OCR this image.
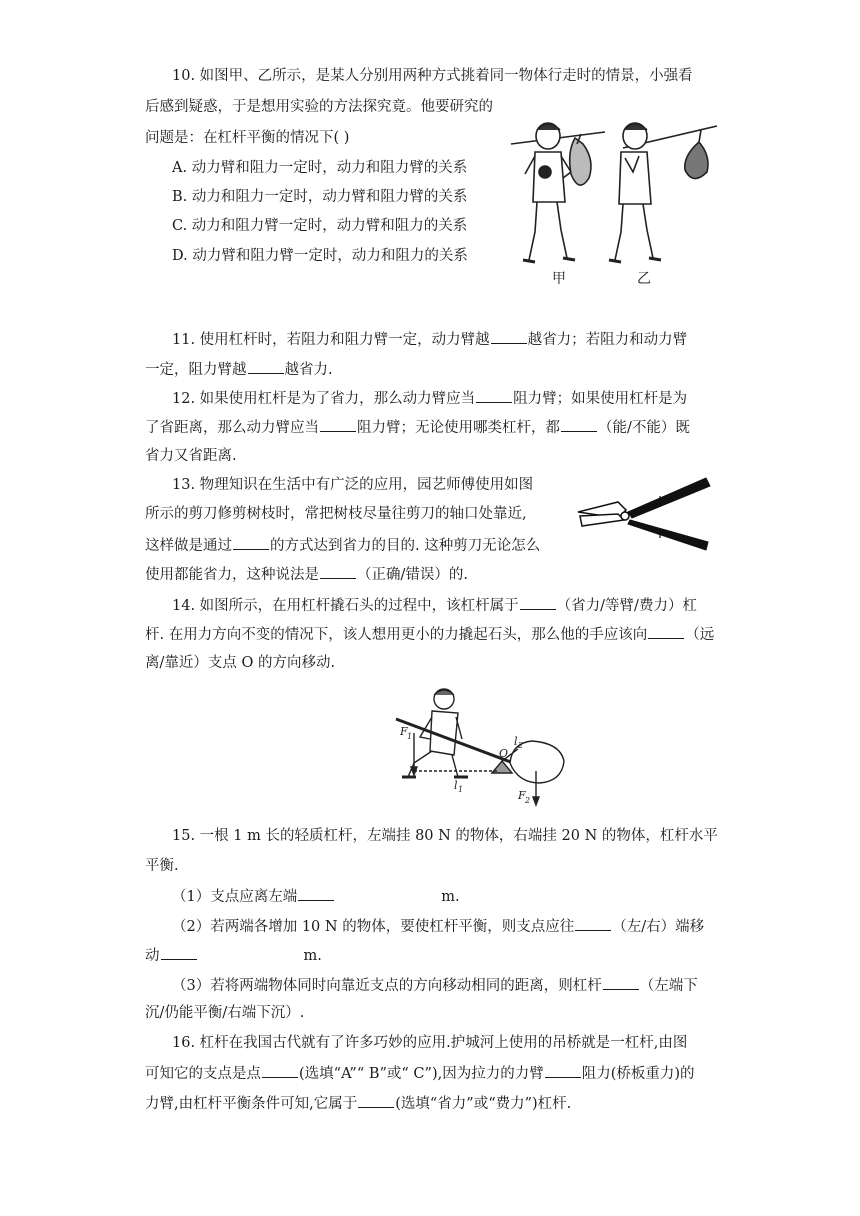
10. 如图甲、乙所示，是某人分别用两种方式挑着同一物体行走时的情景，小强看
后感到疑惑，于是想用实验的方法探究竟。他要研究的
问题是：在杠杆平衡的情况下( )
A. 动力臂和阻力一定时，动力和阻力臂的关系
B. 动力和阻力一定时，动力臂和阻力臂的关系
C. 动力和阻力臂一定时，动力臂和阻力的关系
D. 动力臂和阻力臂一定时，动力和阻力的关系
甲	乙
11. 使用杠杆时，若阻力和阻力臂一定，动力臂越	越省力；若阻力和动力臂
一定，阻力臂越	越省力.
12. 如果使用杠杆是为了省力，那么动力臂应当	阻力臂；如果使用杠杆是为
了省距离，那么动力臂应当	阻力臂；无论使用哪类杠杆，都	（能/不能）既
省力又省距离.
13. 物理知识在生活中有广泛的应用，园艺师傅使用如图
所示的剪刀修剪树枝时，常把树枝尽量往剪刀的轴口处靠近,
这样做是通过	的方式达到省力的目的. 这种剪刀无论怎么
使用都能省力，这种说法是	（正确/错误）的.
14. 如图所示，在用杠杆撬石头的过程中，该杠杆属于	（省力/等臂/费力）杠
杆. 在用力方向不变的情况下，该人想用更小的力撬起石头，那么他的手应该向	（远
离/靠近）支点 O 的方向移动.
F 1
O
l 2
l 1	F 2
15. 一根 1 m 长的轻质杠杆，左端挂 80 N 的物体，右端挂 20 N 的物体，杠杆水平
平衡.
（1）支点应离左端	m.
（2）若两端各增加 10 N 的物体，要使杠杆平衡，则支点应往	（左/右）端移
动	m.
（3）若将两端物体同时向靠近支点的方向移动相同的距离，则杠杆	（左端下
沉/仍能平衡/右端下沉）.
16. 杠杆在我国古代就有了许多巧妙的应用.护城河上使用的吊桥就是一杠杆,由图
可知它的支点是点	(选填“A”“ B”或“ C”),因为拉力的力臂	阻力(桥板重力)的
力臂,由杠杆平衡条件可知,它属于	(选填“省力”或“费力”)杠杆.
